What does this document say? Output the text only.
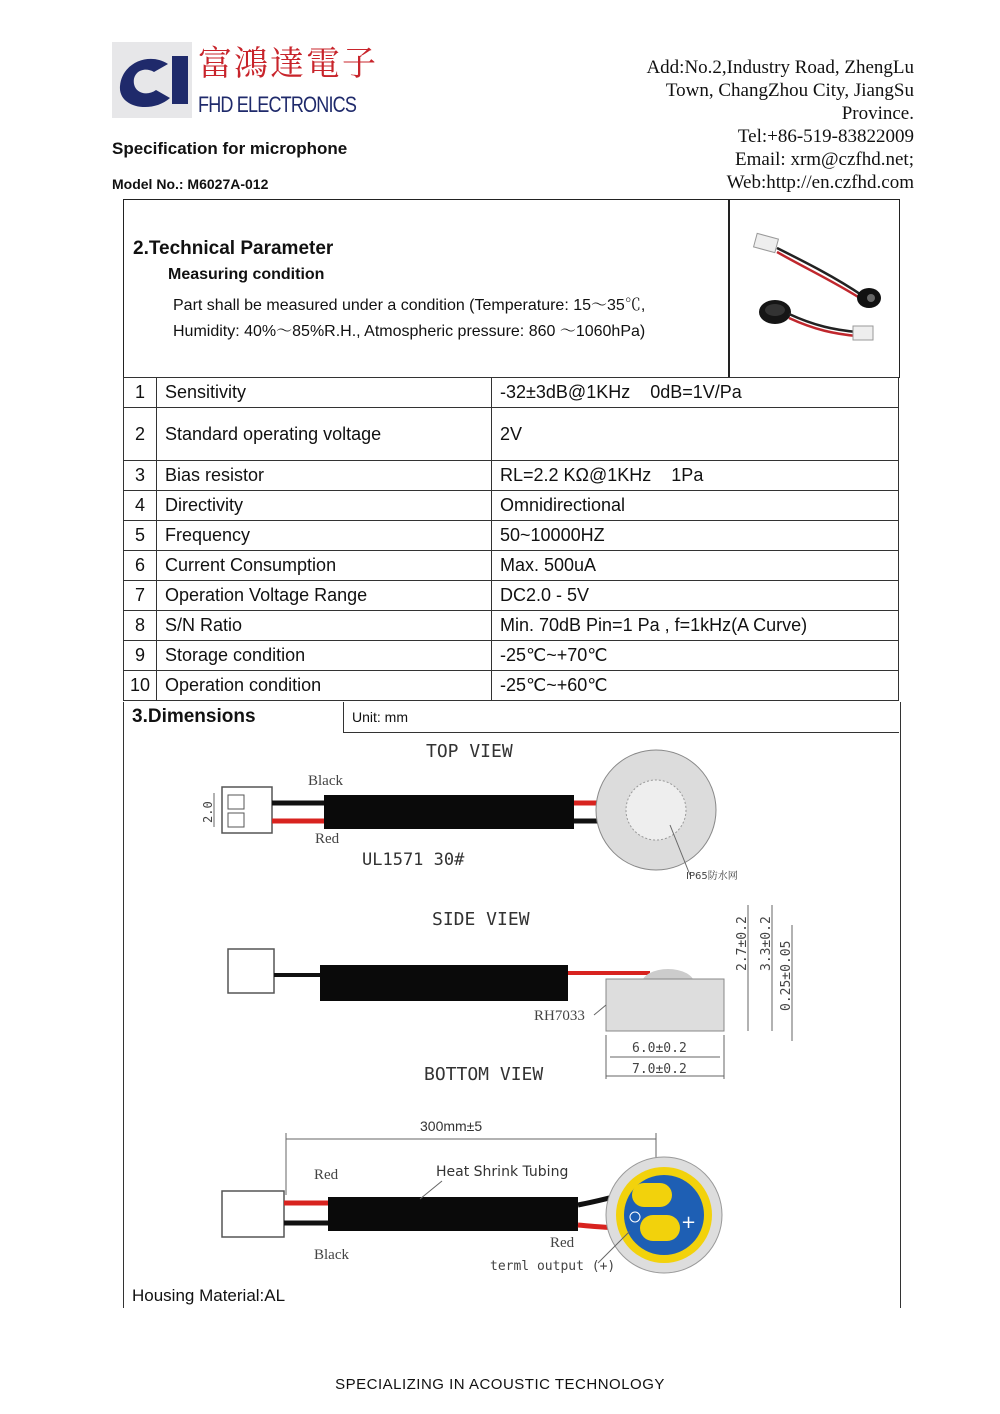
富鴻達電子
FHD ELECTRONICS
Specification for microphone
Model No.: M6027A-012
Add:No.2,Industry Road, ZhengLu
Town, ChangZhou City, JiangSu
Province.
Tel:+86-519-83822009
Email: xrm@czfhd.net;
Web:http://en.czfhd.com
2.Technical Parameter
Measuring condition
Part shall be measured under a condition (Temperature: 15～35℃,
Humidity: 40%～85%R.H., Atmospheric pressure: 860 ～1060hPa)
1	Sensitivity	-32±3dB@1KHz    0dB=1V/Pa
2	Standard operating voltage	2V
3	Bias resistor	RL=2.2 KΩ@1KHz    1Pa
4	Directivity	Omnidirectional
5	Frequency	50~10000HZ
6	Current Consumption	Max. 500uA
7	Operation Voltage Range	DC2.0 - 5V
8	S/N Ratio	Min. 70dB Pin=1 Pa , f=1kHz(A Curve)
9	Storage condition	-25℃~+70℃
10	Operation condition	-25℃~+60℃
3.Dimensions	Unit: mm
TOP VIEW
2.0
Black
Red
UL1571 30#
IP65防水网
SIDE VIEW
RH7033
2.7±0.2 3.3±0.2 0.25±0.05
6.0±0.2
7.0±0.2
BOTTOM VIEW
300mm±5
+
Red
Black
Heat Shrink Tubing
Red
terml output (+)
Housing Material:AL
SPECIALIZING IN ACOUSTIC TECHNOLOGY
